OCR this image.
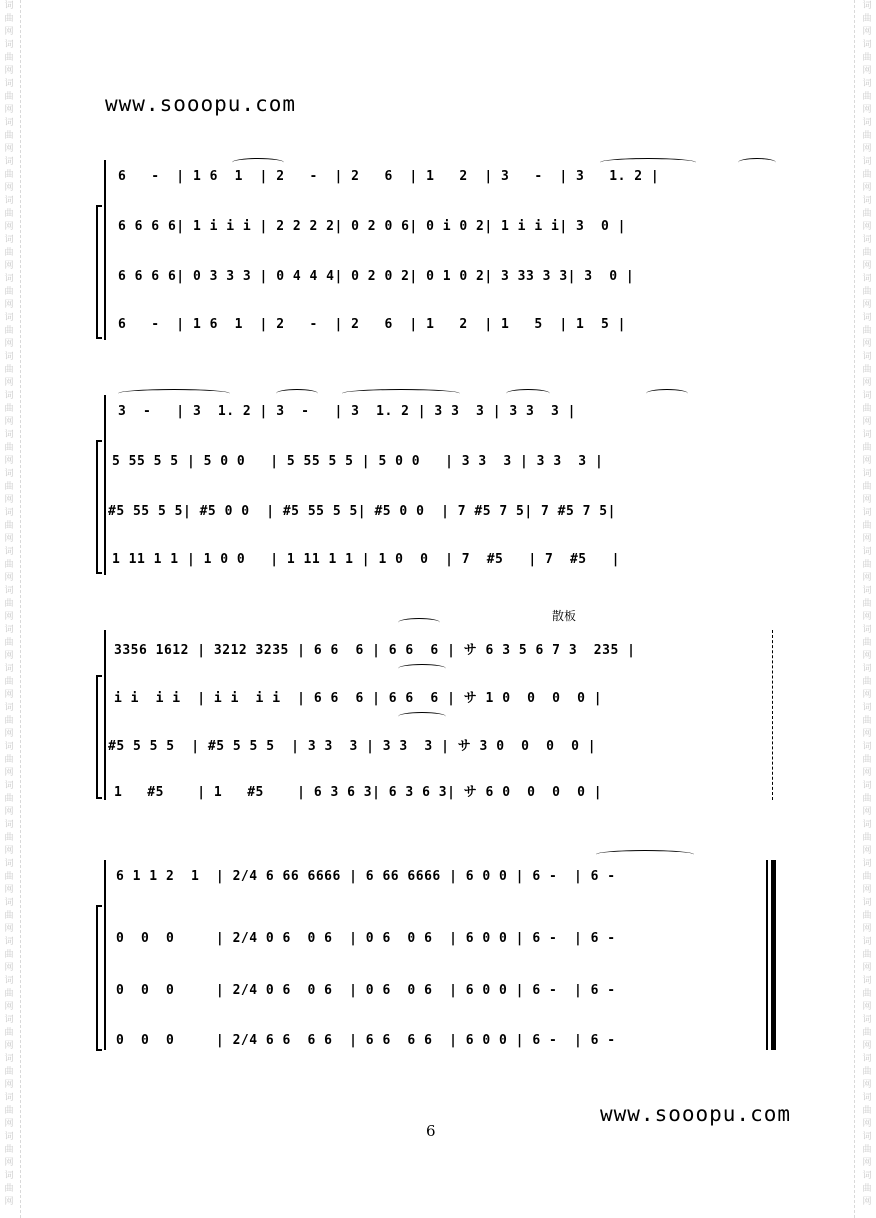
词
曲
网
词
曲
网
词
曲
网
词
曲
网
词
曲
网
词
曲
网
词
曲
网
词
曲
网
词
曲
网
词
曲
网
词
曲
网
词
曲
网
词
曲
网
词
曲
网
词
曲
网
词
曲
网
词
曲
网
词
曲
网
词
曲
网
词
曲
网
词
曲
网
词
曲
网
词
曲
网
词
曲
网
词
曲
网
词
曲
网
词
曲
网
词
曲
网
词
曲
网
词
曲
网
词
曲
网
词
曲
网
词
曲
网
词
曲
网
词
曲
网
词
曲
网
词
曲
网
词
曲
网
词
曲
网
词
曲
网
词
曲
网
词
曲
网
词
曲
网
词
曲
网
词
曲
网
词
曲
网
词
曲
网
词
曲
网
词
曲
网
词
曲
网
词
曲
网
词
曲
网
词
曲
网
词
曲
网
词
曲
网
词
曲
网
词
曲
网
词
曲
网
词
曲
网
词
曲
网
词
曲
网
词
曲
网
www.sooopu.com
散板
6   -  | 1 6  1  | 2   -  | 2   6  | 1   2  | 3   -  | 3   1. 2 |
6 6 6 6| 1 i i i | 2 2 2 2| 0 2 0 6| 0 i 0 2| 1 i i i| 3  0 |
6 6 6 6| 0 3 3 3 | 0 4 4 4| 0 2 0 2| 0 1 0 2| 3 33 3 3| 3  0 |
6   -  | 1 6  1  | 2   -  | 2   6  | 1   2  | 1   5  | 1  5 |
3  -   | 3  1. 2 | 3  -   | 3  1. 2 | 3 3  3 | 3 3  3 |
5 55 5 5 | 5 0 0   | 5 55 5 5 | 5 0 0   | 3 3  3 | 3 3  3 |
#5 55 5 5| #5 0 0  | #5 55 5 5| #5 0 0  | 7 #5 7 5| 7 #5 7 5|
1 11 1 1 | 1 0 0   | 1 11 1 1 | 1 0  0  | 7  #5   | 7  #5   |
3356 1612 | 3212 3235 | 6 6  6 | 6 6  6 | サ 6 3 5 6 7 3  235 |
i i  i i  | i i  i i  | 6 6  6 | 6 6  6 | サ 1 0  0  0  0 |
#5 5 5 5  | #5 5 5 5  | 3 3  3 | 3 3  3 | サ 3 0  0  0  0 |
1   #5    | 1   #5    | 6 3 6 3| 6 3 6 3| サ 6 0  0  0  0 |
6 1 1 2  1  | 2/4 6 66 6666 | 6 66 6666 | 6 0 0 | 6 -  | 6 -
0  0  0     | 2/4 0 6  0 6  | 0 6  0 6  | 6 0 0 | 6 -  | 6 -
0  0  0     | 2/4 0 6  0 6  | 0 6  0 6  | 6 0 0 | 6 -  | 6 -
0  0  0     | 2/4 6 6  6 6  | 6 6  6 6  | 6 0 0 | 6 -  | 6 -
www.sooopu.com
6
